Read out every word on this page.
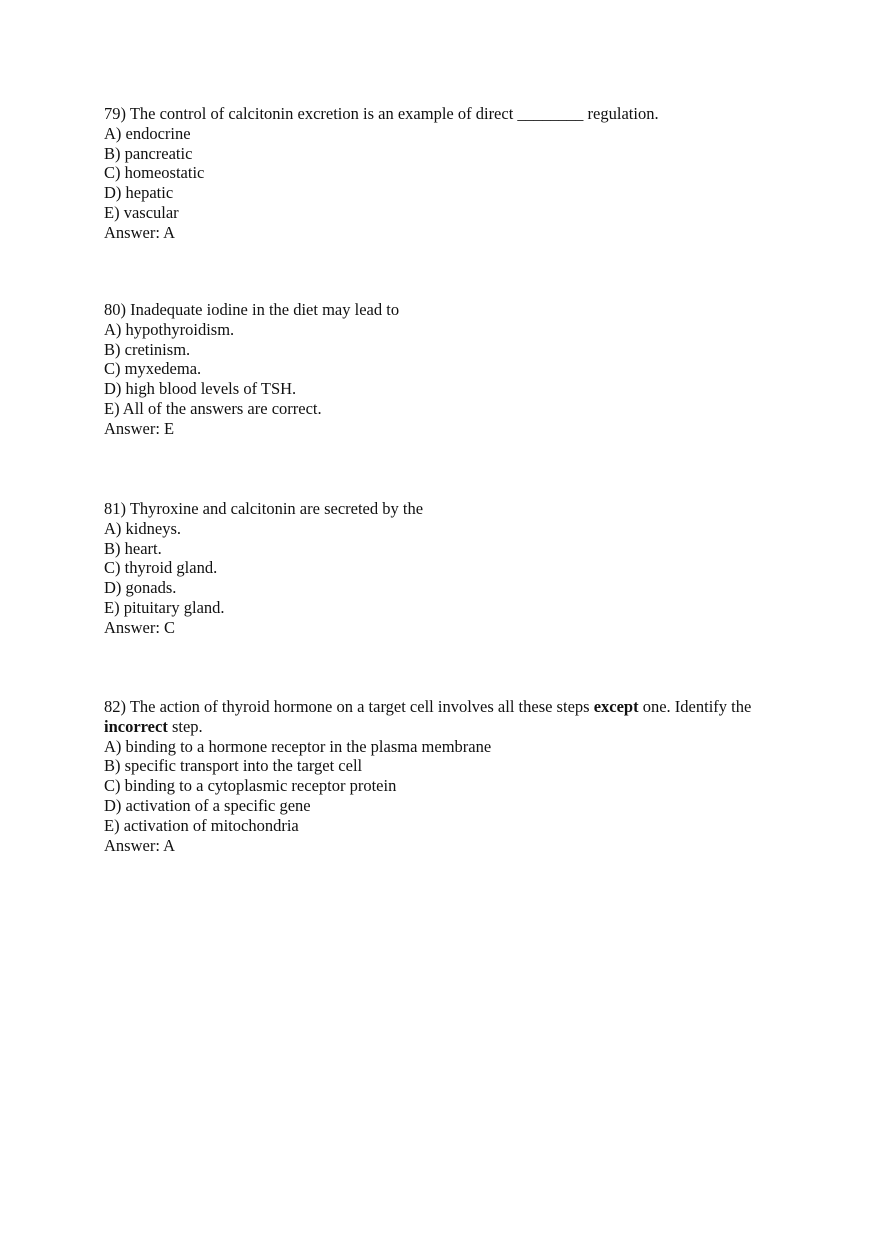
79) The control of calcitonin excretion is an example of direct ________ regulation.
A) endocrine
B) pancreatic
C) homeostatic
D) hepatic
E) vascular
Answer: A
80) Inadequate iodine in the diet may lead to
A) hypothyroidism.
B) cretinism.
C) myxedema.
D) high blood levels of TSH.
E) All of the answers are correct.
Answer: E
81) Thyroxine and calcitonin are secreted by the
A) kidneys.
B) heart.
C) thyroid gland.
D) gonads.
E) pituitary gland.
Answer: C
82) The action of thyroid hormone on a target cell involves all these steps except one. Identify the incorrect step.
A) binding to a hormone receptor in the plasma membrane
B) specific transport into the target cell
C) binding to a cytoplasmic receptor protein
D) activation of a specific gene
E) activation of mitochondria
Answer: A
